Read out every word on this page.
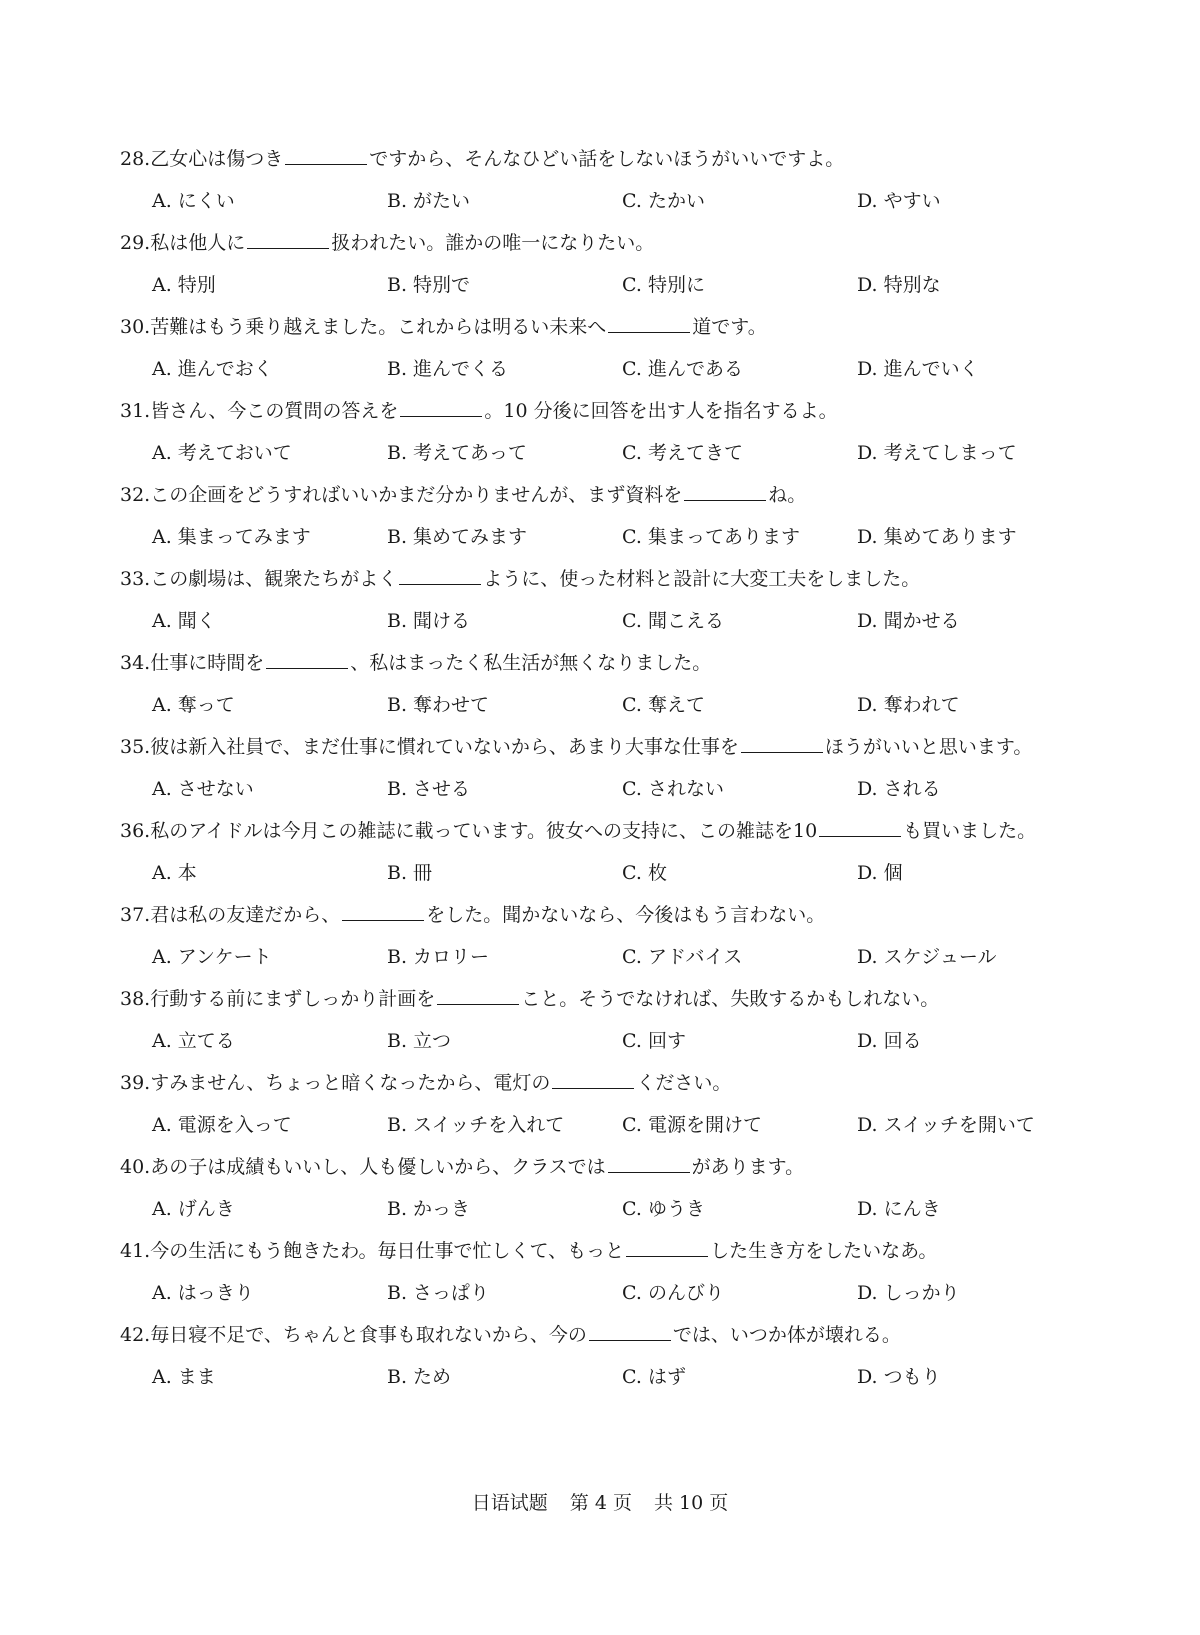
28.乙女心は傷つき	ですから、そんなひどい話をしないほうがいいですよ。
A. にくい	B. がたい	C. たかい	D. やすい
29.私は他人に	扱われたい。誰かの唯一になりたい。
A. 特別	B. 特別で	C. 特別に	D. 特別な
30.苦難はもう乗り越えました。これからは明るい未来へ	道です。
A. 進んでおく	B. 進んでくる	C. 進んである	D. 進んでいく
31.皆さん、今この質問の答えを	。10 分後に回答を出す人を指名するよ。
A. 考えておいて	B. 考えてあって	C. 考えてきて	D. 考えてしまって
32.この企画をどうすればいいかまだ分かりませんが、まず資料を	ね。
A. 集まってみます	B. 集めてみます	C. 集まってあります	D. 集めてあります
33.この劇場は、観衆たちがよく	ように、使った材料と設計に大変工夫をしました。
A. 聞く	B. 聞ける	C. 聞こえる	D. 聞かせる
34.仕事に時間を	、私はまったく私生活が無くなりました。
A. 奪って	B. 奪わせて	C. 奪えて	D. 奪われて
35.彼は新入社員で、まだ仕事に慣れていないから、あまり大事な仕事を	ほうがいいと思います。
A. させない	B. させる	C. されない	D. される
36.私のアイドルは今月この雑誌に載っています。彼女への支持に、この雑誌を10	も買いました。
A. 本	B. 冊	C. 枚	D. 個
37.君は私の友達だから、	をした。聞かないなら、今後はもう言わない。
A. アンケート	B. カロリー	C. アドバイス	D. スケジュール
38.行動する前にまずしっかり計画を	こと。そうでなければ、失敗するかもしれない。
A. 立てる	B. 立つ	C. 回す	D. 回る
39.すみません、ちょっと暗くなったから、電灯の	ください。
A. 電源を入って	B. スイッチを入れて	C. 電源を開けて	D. スイッチを開いて
40.あの子は成績もいいし、人も優しいから、クラスでは	があります。
A. げんき	B. かっき	C. ゆうき	D. にんき
41.今の生活にもう飽きたわ。毎日仕事で忙しくて、もっと	した生き方をしたいなあ。
A. はっきり	B. さっぱり	C. のんびり	D. しっかり
42.毎日寝不足で、ちゃんと食事も取れないから、今の	では、いつか体が壊れる。
A. まま	B. ため	C. はず	D. つもり
日语试题 第 4 页 共 10 页
